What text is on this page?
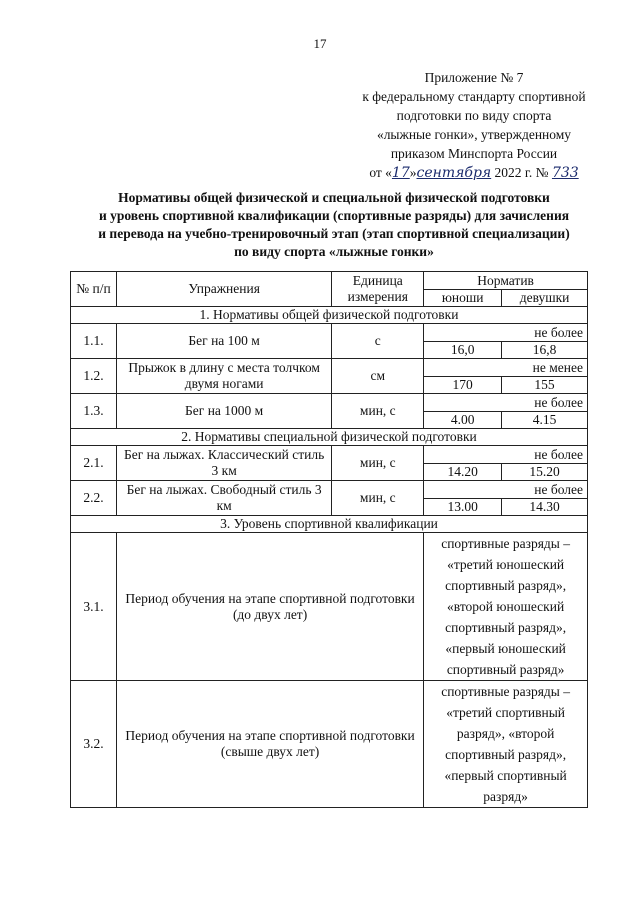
17
Приложение № 7
к федеральному стандарту спортивной
подготовки по виду спорта
«лыжные гонки», утвержденному
приказом Минспорта России
от «17»сентября 2022 г. № 733
Нормативы общей физической и специальной физической подготовки
и уровень спортивной квалификации (спортивные разряды) для зачисления
и перевода на учебно-тренировочный этап (этап спортивной специализации)
по виду спорта «лыжные гонки»
№ п/п	Упражнения	Единица измерения	Норматив	
			юноши	девушки
1. Нормативы общей физической подготовки				
1.1.	Бег на 100 м	с	не более	
			16,0	16,8
1.2.	Прыжок в длину с места толчком двумя ногами	см	не менее	
			170	155
1.3.	Бег на 1000 м	мин, с	не более	
			4.00	4.15
2. Нормативы специальной физической подготовки				
2.1.	Бег на лыжах. Классический стиль 3 км	мин, с	не более	
			14.20	15.20
2.2.	Бег на лыжах. Свободный стиль 3 км	мин, с	не более	
			13.00	14.30
3. Уровень спортивной квалификации				
3.1.	Период обучения на этапе спортивной подготовки (до двух лет)		спортивные разряды – «третий юношеский спортивный разряд», «второй юношеский спортивный разряд», «первый юношеский спортивный разряд»	
3.2.	Период обучения на этапе спортивной подготовки (свыше двух лет)		спортивные разряды – «третий спортивный разряд», «второй спортивный разряд», «первый спортивный разряд»	
